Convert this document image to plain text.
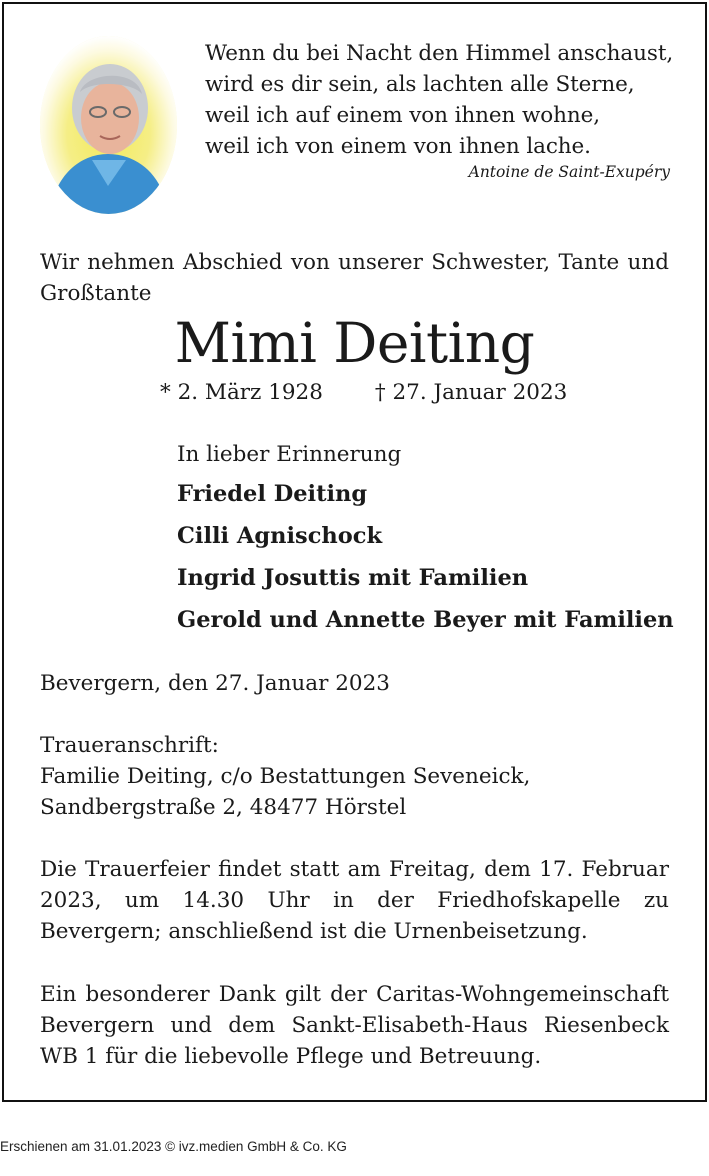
Wenn du bei Nacht den Himmel anschaust,
wird es dir sein, als lachten alle Sterne,
weil ich auf einem von ihnen wohne,
weil ich von einem von ihnen lache.
Antoine de Saint-Exupéry
Wir nehmen Abschied von unserer Schwester, Tante und Großtante
Mimi Deiting
* 2. März 1928 † 27. Januar 2023
In lieber Erinnerung
Friedel Deiting
Cilli Agnischock
Ingrid Josuttis mit Familien
Gerold und Annette Beyer mit Familien
Bevergern, den 27. Januar 2023
Traueranschrift:
Familie Deiting, c/o Bestattungen Seveneick,
Sandbergstraße 2, 48477 Hörstel
Die Trauerfeier findet statt am Freitag, dem 17. Februar 2023, um 14.30 Uhr in der Friedhofskapelle zu Bevergern; anschließend ist die Urnenbeisetzung.
Ein besonderer Dank gilt der Caritas-Wohngemeinschaft Bevergern und dem Sankt-Elisabeth-Haus Riesenbeck WB 1 für die liebevolle Pflege und Betreuung.
Erschienen am 31.01.2023 © ivz.medien GmbH & Co. KG
